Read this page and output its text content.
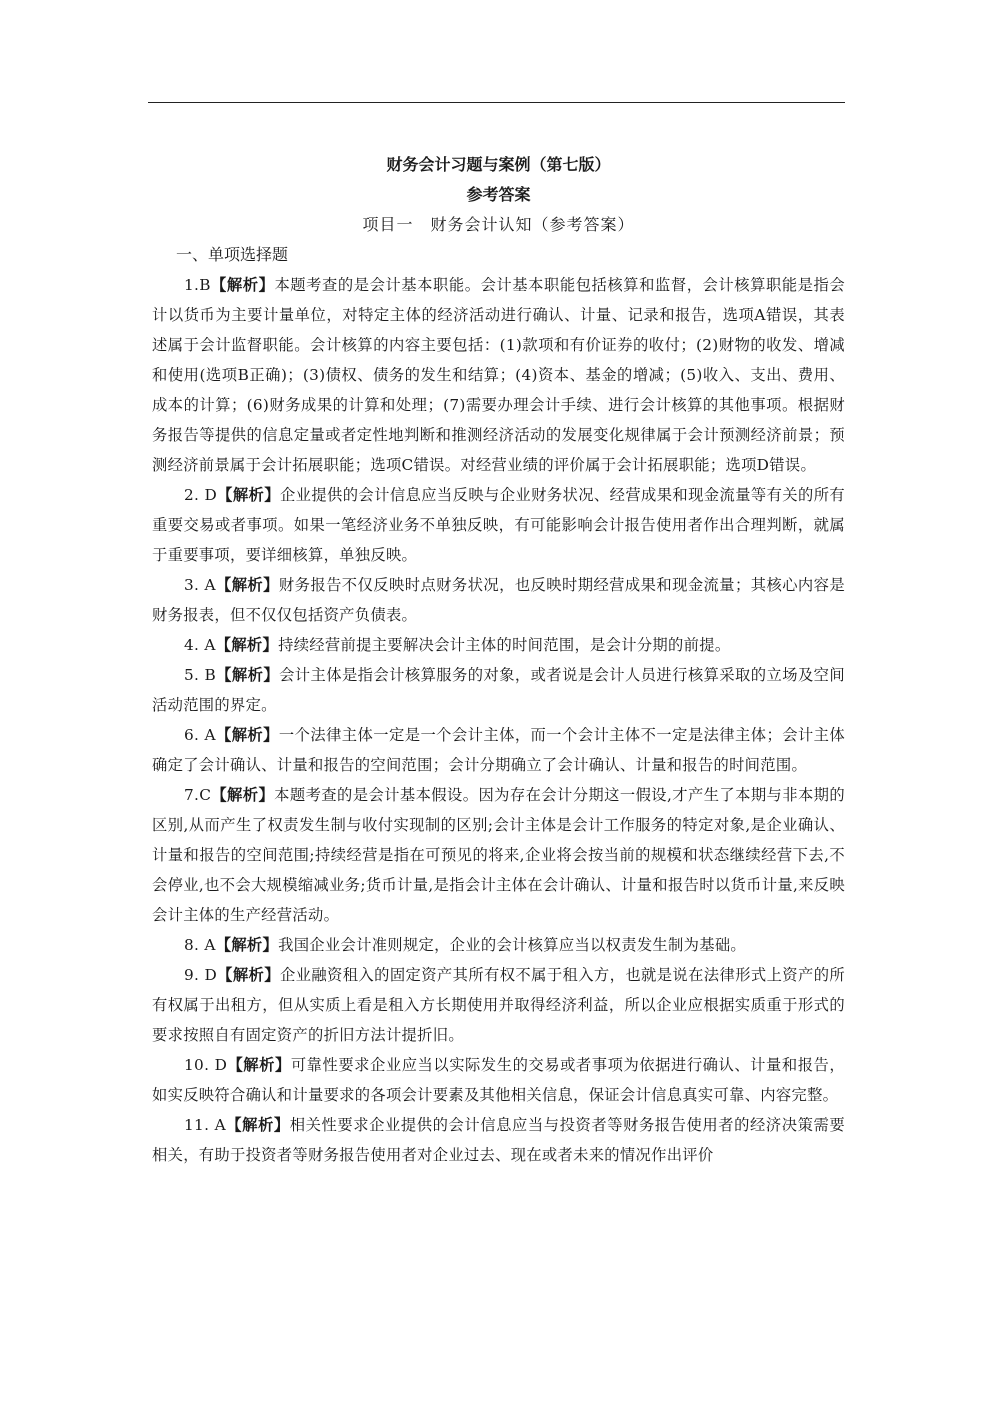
财务会计习题与案例（第七版）
参考答案
项目一　财务会计认知（参考答案）
一、单项选择题
1.B【解析】本题考查的是会计基本职能。会计基本职能包括核算和监督，会计核算职能是指会计以货币为主要计量单位，对特定主体的经济活动进行确认、计量、记录和报告，选项A错误，其表述属于会计监督职能。会计核算的内容主要包括：(1)款项和有价证券的收付；(2)财物的收发、增减和使用(选项B正确)；(3)债权、债务的发生和结算；(4)资本、基金的增减；(5)收入、支出、费用、成本的计算；(6)财务成果的计算和处理；(7)需要办理会计手续、进行会计核算的其他事项。根据财务报告等提供的信息定量或者定性地判断和推测经济活动的发展变化规律属于会计预测经济前景；预测经济前景属于会计拓展职能；选项C错误。对经营业绩的评价属于会计拓展职能；选项D错误。
2. D【解析】企业提供的会计信息应当反映与企业财务状况、经营成果和现金流量等有关的所有重要交易或者事项。如果一笔经济业务不单独反映，有可能影响会计报告使用者作出合理判断，就属于重要事项，要详细核算，单独反映。
3. A【解析】财务报告不仅反映时点财务状况，也反映时期经营成果和现金流量；其核心内容是财务报表，但不仅仅包括资产负债表。
4. A【解析】持续经营前提主要解决会计主体的时间范围，是会计分期的前提。
5. B【解析】会计主体是指会计核算服务的对象，或者说是会计人员进行核算采取的立场及空间活动范围的界定。
6. A【解析】一个法律主体一定是一个会计主体，而一个会计主体不一定是法律主体；会计主体确定了会计确认、计量和报告的空间范围；会计分期确立了会计确认、计量和报告的时间范围。
7.C【解析】本题考查的是会计基本假设。因为存在会计分期这一假设,才产生了本期与非本期的区别,从而产生了权责发生制与收付实现制的区别;会计主体是会计工作服务的特定对象,是企业确认、计量和报告的空间范围;持续经营是指在可预见的将来,企业将会按当前的规模和状态继续经营下去,不会停业,也不会大规模缩减业务;货币计量,是指会计主体在会计确认、计量和报告时以货币计量,来反映会计主体的生产经营活动。
8. A【解析】我国企业会计准则规定，企业的会计核算应当以权责发生制为基础。
9. D【解析】企业融资租入的固定资产其所有权不属于租入方，也就是说在法律形式上资产的所有权属于出租方，但从实质上看是租入方长期使用并取得经济利益，所以企业应根据实质重于形式的要求按照自有固定资产的折旧方法计提折旧。
10. D【解析】可靠性要求企业应当以实际发生的交易或者事项为依据进行确认、计量和报告，如实反映符合确认和计量要求的各项会计要素及其他相关信息，保证会计信息真实可靠、内容完整。
11. A【解析】相关性要求企业提供的会计信息应当与投资者等财务报告使用者的经济决策需要相关，有助于投资者等财务报告使用者对企业过去、现在或者未来的情况作出评价
